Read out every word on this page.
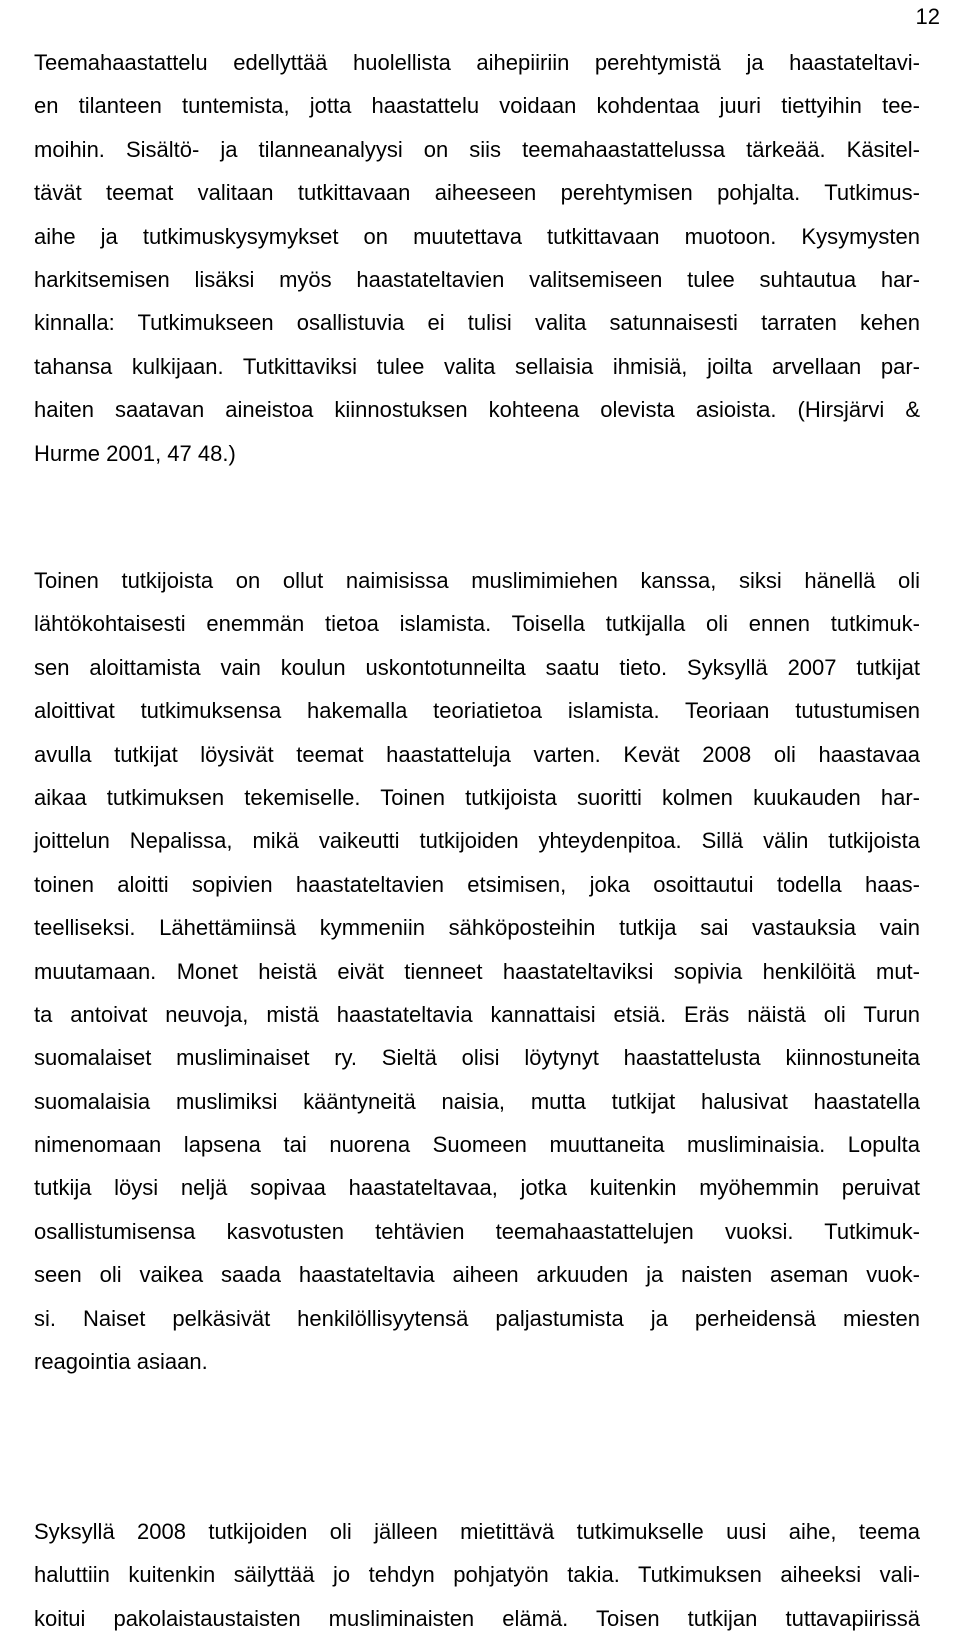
12
Teemahaastattelu edellyttää huolellista aihepiiriin perehtymistä ja haastateltavi-
en tilanteen tuntemista, jotta haastattelu voidaan kohdentaa juuri tiettyihin tee-
moihin. Sisältö- ja tilanneanalyysi on siis teemahaastattelussa tärkeää. Käsitel-
tävät teemat valitaan tutkittavaan aiheeseen perehtymisen pohjalta. Tutkimus-
aihe ja tutkimuskysymykset on muutettava tutkittavaan muotoon. Kysymysten
harkitsemisen lisäksi myös haastateltavien valitsemiseen tulee suhtautua har-
kinnalla: Tutkimukseen osallistuvia ei tulisi valita satunnaisesti tarraten kehen
tahansa kulkijaan. Tutkittaviksi tulee valita sellaisia ihmisiä, joilta arvellaan par-
haiten saatavan aineistoa kiinnostuksen kohteena olevista asioista. (Hirsjärvi &
Hurme 2001, 47 48.)
Toinen tutkijoista on ollut naimisissa muslimimiehen kanssa, siksi hänellä oli
lähtökohtaisesti enemmän tietoa islamista. Toisella tutkijalla oli ennen tutkimuk-
sen aloittamista vain koulun uskontotunneilta saatu tieto. Syksyllä 2007 tutkijat
aloittivat tutkimuksensa hakemalla teoriatietoa islamista. Teoriaan tutustumisen
avulla tutkijat löysivät teemat haastatteluja varten. Kevät 2008 oli haastavaa
aikaa tutkimuksen tekemiselle. Toinen tutkijoista suoritti kolmen kuukauden har-
joittelun Nepalissa, mikä vaikeutti tutkijoiden yhteydenpitoa. Sillä välin tutkijoista
toinen aloitti sopivien haastateltavien etsimisen, joka osoittautui todella haas-
teelliseksi. Lähettämiinsä kymmeniin sähköposteihin tutkija sai vastauksia vain
muutamaan. Monet heistä eivät tienneet haastateltaviksi sopivia henkilöitä mut-
ta antoivat neuvoja, mistä haastateltavia kannattaisi etsiä. Eräs näistä oli Turun
suomalaiset musliminaiset ry. Sieltä olisi löytynyt haastattelusta kiinnostuneita
suomalaisia muslimiksi kääntyneitä naisia, mutta tutkijat halusivat haastatella
nimenomaan lapsena tai nuorena Suomeen muuttaneita musliminaisia. Lopulta
tutkija löysi neljä sopivaa haastateltavaa, jotka kuitenkin myöhemmin peruivat
osallistumisensa kasvotusten tehtävien teemahaastattelujen vuoksi. Tutkimuk-
seen oli vaikea saada haastateltavia aiheen arkuuden ja naisten aseman vuok-
si. Naiset pelkäsivät henkilöllisyytensä paljastumista ja perheidensä miesten
reagointia asiaan.
Syksyllä 2008 tutkijoiden oli jälleen mietittävä tutkimukselle uusi aihe, teema
haluttiin kuitenkin säilyttää jo tehdyn pohjatyön takia. Tutkimuksen aiheeksi vali-
koitui pakolaistaustaisten musliminaisten elämä. Toisen tutkijan tuttavapiirissä
